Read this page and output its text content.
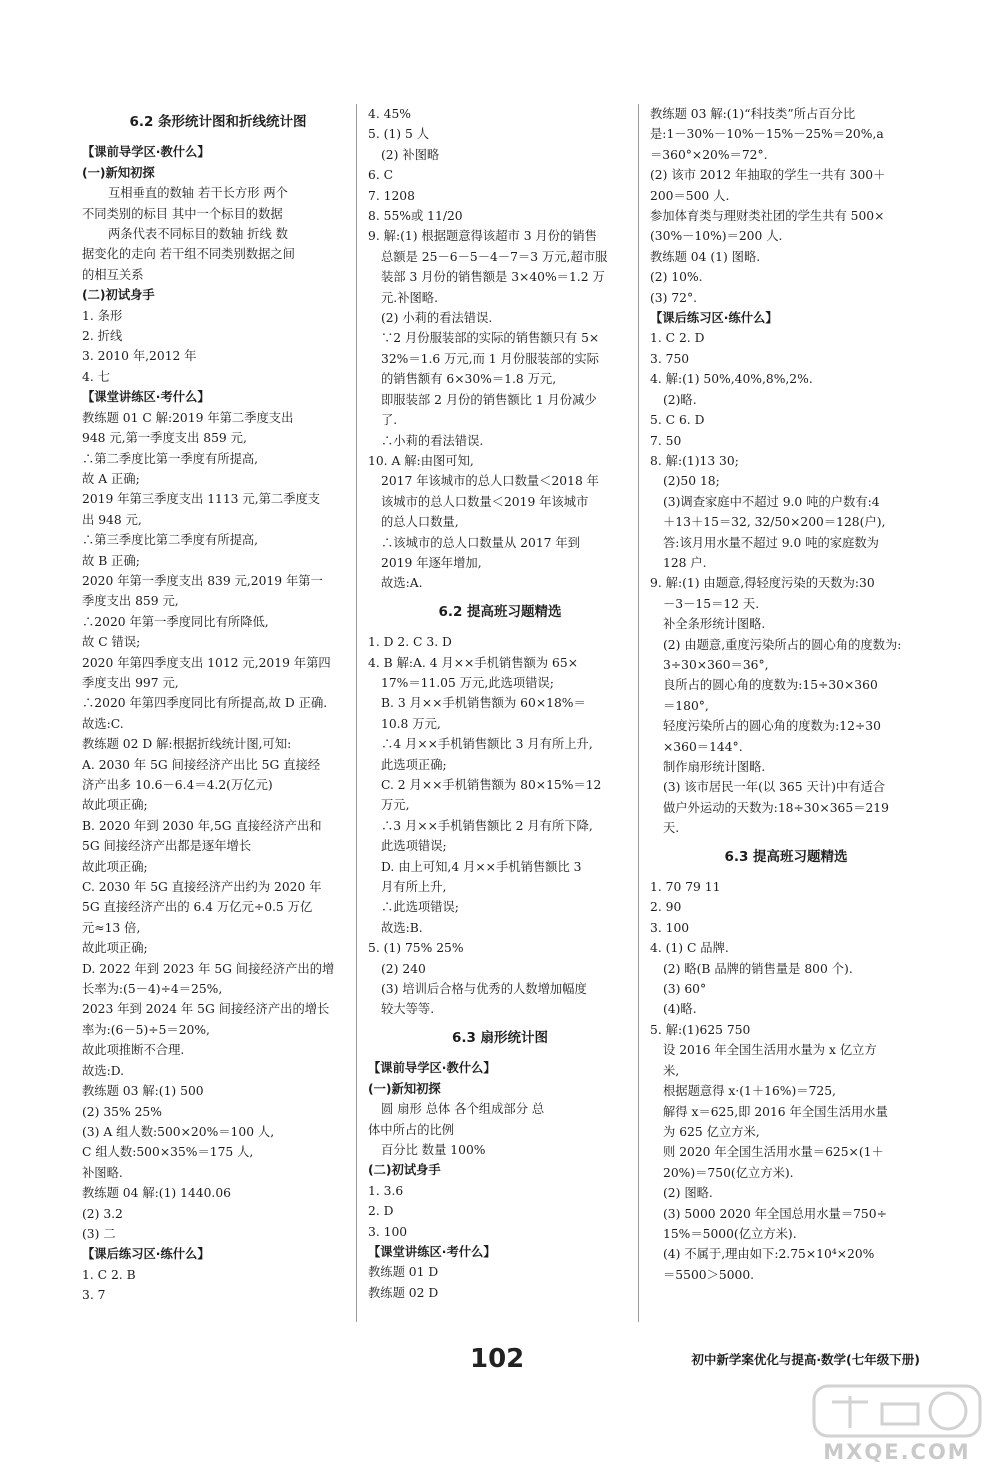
6.2 条形统计图和折线统计图
【课前导学区·教什么】
(一)新知初探
互相垂直的数轴 若干长方形 两个
不同类别的标目 其中一个标目的数据
两条代表不同标目的数轴 折线 数
据变化的走向 若干组不同类别数据之间
的相互关系
(二)初试身手
1. 条形
2. 折线
3. 2010 年,2012 年
4. 七
【课堂讲练区·考什么】
教练题 01 C 解:2019 年第二季度支出
948 元,第一季度支出 859 元,
∴第二季度比第一季度有所提高,
故 A 正确;
2019 年第三季度支出 1113 元,第二季度支
出 948 元,
∴第三季度比第二季度有所提高,
故 B 正确;
2020 年第一季度支出 839 元,2019 年第一
季度支出 859 元,
∴2020 年第一季度同比有所降低,
故 C 错误;
2020 年第四季度支出 1012 元,2019 年第四
季度支出 997 元,
∴2020 年第四季度同比有所提高,故 D 正确.
故选:C.
教练题 02 D 解:根据折线统计图,可知:
A. 2030 年 5G 间接经济产出比 5G 直接经
济产出多 10.6－6.4＝4.2(万亿元)
故此项正确;
B. 2020 年到 2030 年,5G 直接经济产出和
5G 间接经济产出都是逐年增长
故此项正确;
C. 2030 年 5G 直接经济产出约为 2020 年
5G 直接经济产出的 6.4 万亿元÷0.5 万亿
元≈13 倍,
故此项正确;
D. 2022 年到 2023 年 5G 间接经济产出的增
长率为:(5－4)÷4＝25%,
2023 年到 2024 年 5G 间接经济产出的增长
率为:(6－5)÷5＝20%,
故此项推断不合理.
故选:D.
教练题 03 解:(1) 500
(2) 35% 25%
(3) A 组人数:500×20%＝100 人,
C 组人数:500×35%＝175 人,
补图略.
教练题 04 解:(1) 1440.06
(2) 3.2
(3) 二
【课后练习区·练什么】
1. C 2. B
3. 7
4. 45%
5. (1) 5 人
(2) 补图略
6. C
7. 1208
8. 55%或 11/20
9. 解:(1) 根据题意得该超市 3 月份的销售
总额是 25－6－5－4－7＝3 万元,超市服
装部 3 月份的销售额是 3×40%＝1.2 万
元.补图略.
(2) 小莉的看法错误.
∵2 月份服装部的实际的销售额只有 5×
32%＝1.6 万元,而 1 月份服装部的实际
的销售额有 6×30%＝1.8 万元,
即服装部 2 月份的销售额比 1 月份减少
了.
∴小莉的看法错误.
10. A 解:由图可知,
2017 年该城市的总人口数量＜2018 年
该城市的总人口数量＜2019 年该城市
的总人口数量,
∴该城市的总人口数量从 2017 年到
2019 年逐年增加,
故选:A.
6.2 提高班习题精选
1. D 2. C 3. D
4. B 解:A. 4 月××手机销售额为 65×
17%＝11.05 万元,此选项错误;
B. 3 月××手机销售额为 60×18%＝
10.8 万元,
∴4 月××手机销售额比 3 月有所上升,
此选项正确;
C. 2 月××手机销售额为 80×15%＝12
万元,
∴3 月××手机销售额比 2 月有所下降,
此选项错误;
D. 由上可知,4 月××手机销售额比 3
月有所上升,
∴此选项错误;
故选:B.
5. (1) 75% 25%
(2) 240
(3) 培训后合格与优秀的人数增加幅度
较大等等.
6.3 扇形统计图
【课前导学区·教什么】
(一)新知初探
圆 扇形 总体 各个组成部分 总
体中所占的比例
百分比 数量 100%
(二)初试身手
1. 3.6
2. D
3. 100
【课堂讲练区·考什么】
教练题 01 D
教练题 02 D
教练题 03 解:(1)“科技类”所占百分比
是:1－30%－10%－15%－25%＝20%,a
＝360°×20%＝72°.
(2) 该市 2012 年抽取的学生一共有 300＋
200＝500 人.
参加体育类与理财类社团的学生共有 500×
(30%－10%)＝200 人.
教练题 04 (1) 图略.
(2) 10%.
(3) 72°.
【课后练习区·练什么】
1. C 2. D
3. 750
4. 解:(1) 50%,40%,8%,2%.
(2)略.
5. C 6. D
7. 50
8. 解:(1)13 30;
(2)50 18;
(3)调查家庭中不超过 9.0 吨的户数有:4
＋13＋15＝32, 32/50×200＝128(户),
答:该月用水量不超过 9.0 吨的家庭数为
128 户.
9. 解:(1) 由题意,得轻度污染的天数为:30
－3－15＝12 天.
补全条形统计图略.
(2) 由题意,重度污染所占的圆心角的度数为:
3÷30×360＝36°,
良所占的圆心角的度数为:15÷30×360
＝180°,
轻度污染所占的圆心角的度数为:12÷30
×360＝144°.
制作扇形统计图略.
(3) 该市居民一年(以 365 天计)中有适合
做户外运动的天数为:18÷30×365＝219
天.
6.3 提高班习题精选
1. 70 79 11
2. 90
3. 100
4. (1) C 品牌.
(2) 略(B 品牌的销售量是 800 个).
(3) 60°
(4)略.
5. 解:(1)625 750
设 2016 年全国生活用水量为 x 亿立方
米,
根据题意得 x·(1＋16%)＝725,
解得 x＝625,即 2016 年全国生活用水量
为 625 亿立方米,
则 2020 年全国生活用水量＝625×(1＋
20%)＝750(亿立方米).
(2) 图略.
(3) 5000 2020 年全国总用水量＝750÷
15%＝5000(亿立方米).
(4) 不属于,理由如下:2.75×10⁴×20%
＝5500＞5000.
102	初中新学案优化与提高·数学(七年级下册)
MXQE.COM
